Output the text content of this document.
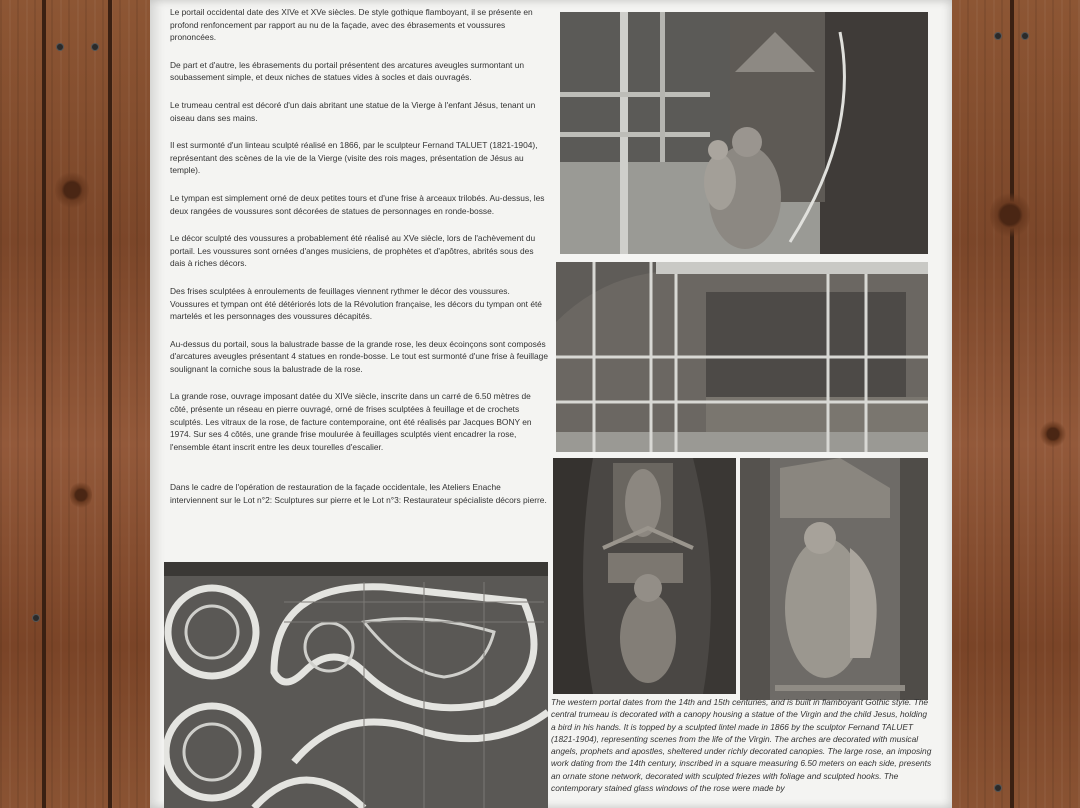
Le portail occidental date des XIVe et XVe siècles. De style gothique flamboyant, il se présente en profond renfoncement par rapport au nu de la façade, avec des ébrasements et voussures prononcées.

De part et d'autre, les ébrasements du portail présentent des arcatures aveugles surmontant un soubassement simple, et deux niches de statues vides à socles et dais ouvragés.

Le trumeau central est décoré d'un dais abritant une statue de la Vierge à l'enfant Jésus, tenant un oiseau dans ses mains.

Il est surmonté d'un linteau sculpté réalisé en 1866, par le sculpteur Fernand TALUET (1821-1904), représentant des scènes de la vie de la Vierge (visite des rois mages, présentation de Jésus au temple).

Le tympan est simplement orné de deux petites tours et d'une frise à arceaux trilobés. Au-dessus, les deux rangées de voussures sont décorées de statues de personnages en ronde-bosse.

Le décor sculpté des voussures a probablement été réalisé au XVe siècle, lors de l'achèvement du portail. Les voussures sont ornées d'anges musiciens, de prophètes et d'apôtres, abrités sous des dais à riches décors.

Des frises sculptées à enroulements de feuillages viennent rythmer le décor des voussures. Voussures et tympan ont été détériorés lots de la Révolution française, les décors du tympan ont été martelés et les personnages des voussures décapités.

Au-dessus du portail, sous la balustrade basse de la grande rose, les deux écoinçons sont composés d'arcatures aveugles présentant 4 statues en ronde-bosse. Le tout est surmonté d'une frise à feuillage soulignant la corniche sous la balustrade de la rose.

La grande rose, ouvrage imposant datée du XIVe siècle, inscrite dans un carré de 6.50 mètres de côté, présente un réseau en pierre ouvragé, orné de frises sculptées à feuillage et de crochets sculptés. Les vitraux de la rose, de facture contemporaine, ont été réalisés par Jacques BONY en 1974. Sur ses 4 côtés, une grande frise moulurée à feuillages sculptés vient encadrer la rose, l'ensemble étant inscrit entre les deux tourelles d'escalier.

Dans le cadre de l'opération de restauration de la façade occidentale, les Ateliers Enache interviennent sur le Lot n°2: Sculptures sur pierre et le Lot n°3: Restaurateur spécialiste décors pierre.

The western portal dates from the 14th and 15th centuries, and is built in flamboyant Gothic style. The central trumeau is decorated with a canopy housing a statue of the Virgin and the child Jesus, holding a bird in his hands. It is topped by a sculpted lintel made in 1866 by the sculptor Fernand TALUET (1821-1904), representing scenes from the life of the Virgin. The arches are decorated with musical angels, prophets and apostles, sheltered under richly decorated canopies. The large rose, an imposing work dating from the 14th century, inscribed in a square measuring 6.50 meters on each side, presents an ornate stone network, decorated with sculpted friezes with foliage and sculpted hooks. The contemporary stained glass windows of the rose were made by
